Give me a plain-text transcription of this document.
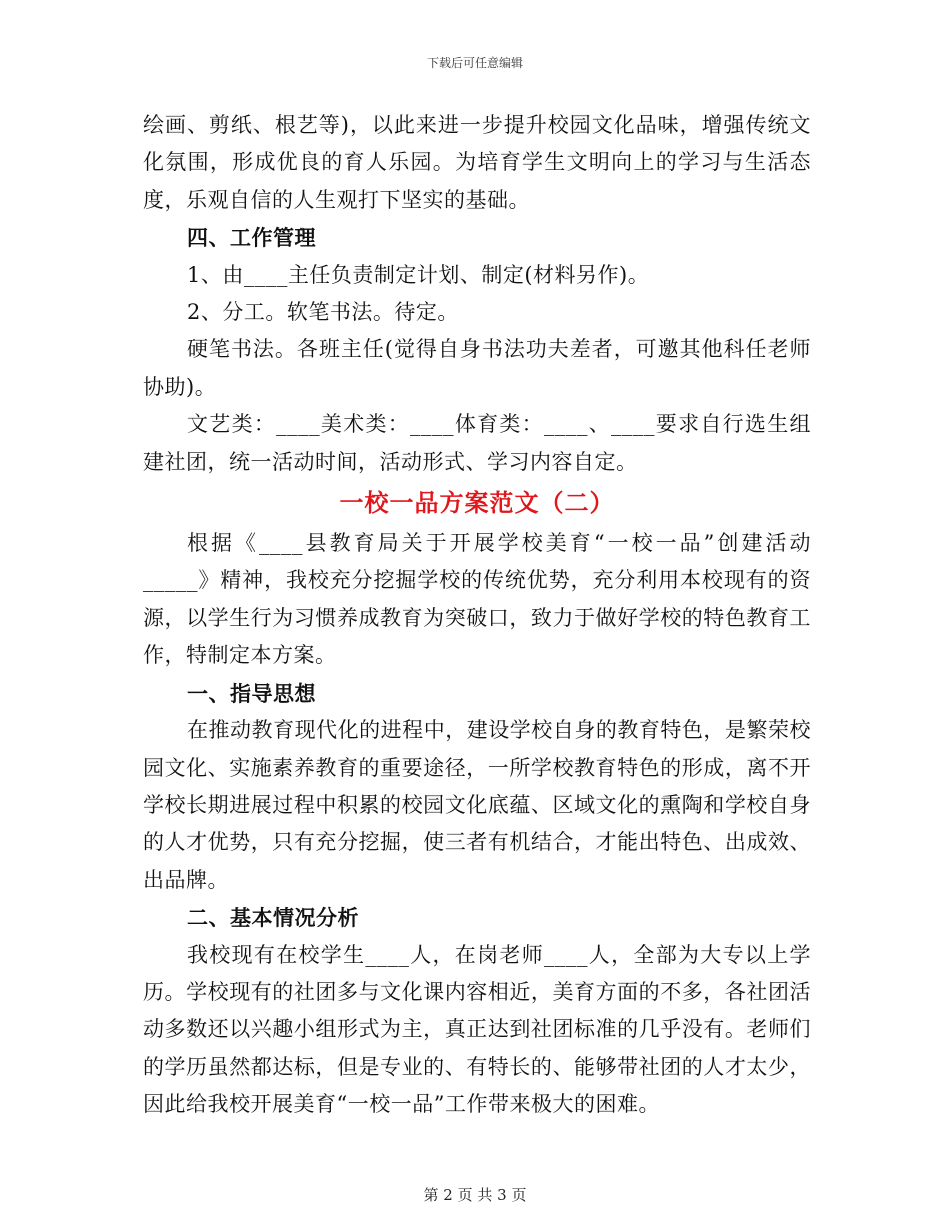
下载后可任意编辑

绘画、剪纸、根艺等)，以此来进一步提升校园文化品味，增强传统文化氛围，形成优良的育人乐园。为培育学生文明向上的学习与生活态度，乐观自信的人生观打下坚实的基础。

四、工作管理

1、由____主任负责制定计划、制定(材料另作)。

2、分工。软笔书法。待定。

硬笔书法。各班主任(觉得自身书法功夫差者，可邀其他科任老师协助)。

文艺类：____美术类：____体育类：____、____要求自行选生组建社团，统一活动时间，活动形式、学习内容自定。

一校一品方案范文（二）

根据《____县教育局关于开展学校美育“一校一品”创建活动_____》精神，我校充分挖掘学校的传统优势，充分利用本校现有的资源，以学生行为习惯养成教育为突破口，致力于做好学校的特色教育工作，特制定本方案。

一、指导思想

在推动教育现代化的进程中，建设学校自身的教育特色，是繁荣校园文化、实施素养教育的重要途径，一所学校教育特色的形成，离不开学校长期进展过程中积累的校园文化底蕴、区域文化的熏陶和学校自身的人才优势，只有充分挖掘，使三者有机结合，才能出特色、出成效、出品牌。

二、基本情况分析

我校现有在校学生____人，在岗老师____人，全部为大专以上学历。学校现有的社团多与文化课内容相近，美育方面的不多，各社团活动多数还以兴趣小组形式为主，真正达到社团标准的几乎没有。老师们的学历虽然都达标，但是专业的、有特长的、能够带社团的人才太少，因此给我校开展美育“一校一品”工作带来极大的困难。

第 2 页 共 3 页
